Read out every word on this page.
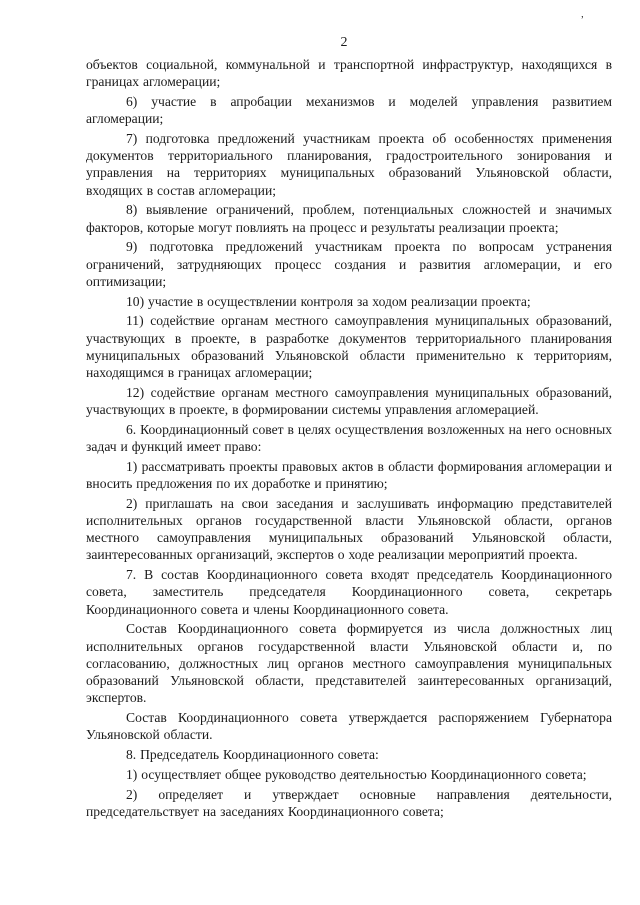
ʼ
2

объектов социальной, коммунальной и транспортной инфраструктур, находящихся в границах агломерации;

6) участие в апробации механизмов и моделей управления развитием агломерации;

7) подготовка предложений участникам проекта об особенностях применения документов территориального планирования, градостроительного зонирования и управления на территориях муниципальных образований Ульяновской области, входящих в состав агломерации;

8) выявление ограничений, проблем, потенциальных сложностей и значимых факторов, которые могут повлиять на процесс и результаты реализации проекта;

9) подготовка предложений участникам проекта по вопросам устранения ограничений, затрудняющих процесс создания и развития агломерации, и его оптимизации;

10) участие в осуществлении контроля за ходом реализации проекта;

11) содействие органам местного самоуправления муниципальных образований, участвующих в проекте, в разработке документов территориального планирования муниципальных образований Ульяновской области применительно к территориям, находящимся в границах агломерации;

12) содействие органам местного самоуправления муниципальных образований, участвующих в проекте, в формировании системы управления агломерацией.

6. Координационный совет в целях осуществления возложенных на него основных задач и функций имеет право:

1) рассматривать проекты правовых актов в области формирования агломерации и вносить предложения по их доработке и принятию;

2) приглашать на свои заседания и заслушивать информацию представителей исполнительных органов государственной власти Ульяновской области, органов местного самоуправления муниципальных образований Ульяновской области, заинтересованных организаций, экспертов о ходе реализации мероприятий проекта.

7. В состав Координационного совета входят председатель Координационного совета, заместитель председателя Координационного совета, секретарь Координационного совета и члены Координационного совета.

Состав Координационного совета формируется из числа должностных лиц исполнительных органов государственной власти Ульяновской области и, по согласованию, должностных лиц органов местного самоуправления муниципальных образований Ульяновской области, представителей заинтересованных организаций, экспертов.

Состав Координационного совета утверждается распоряжением Губернатора Ульяновской области.

8. Председатель Координационного совета:

1) осуществляет общее руководство деятельностью Координационного совета;

2) определяет и утверждает основные направления деятельности, председательствует на заседаниях Координационного совета;
